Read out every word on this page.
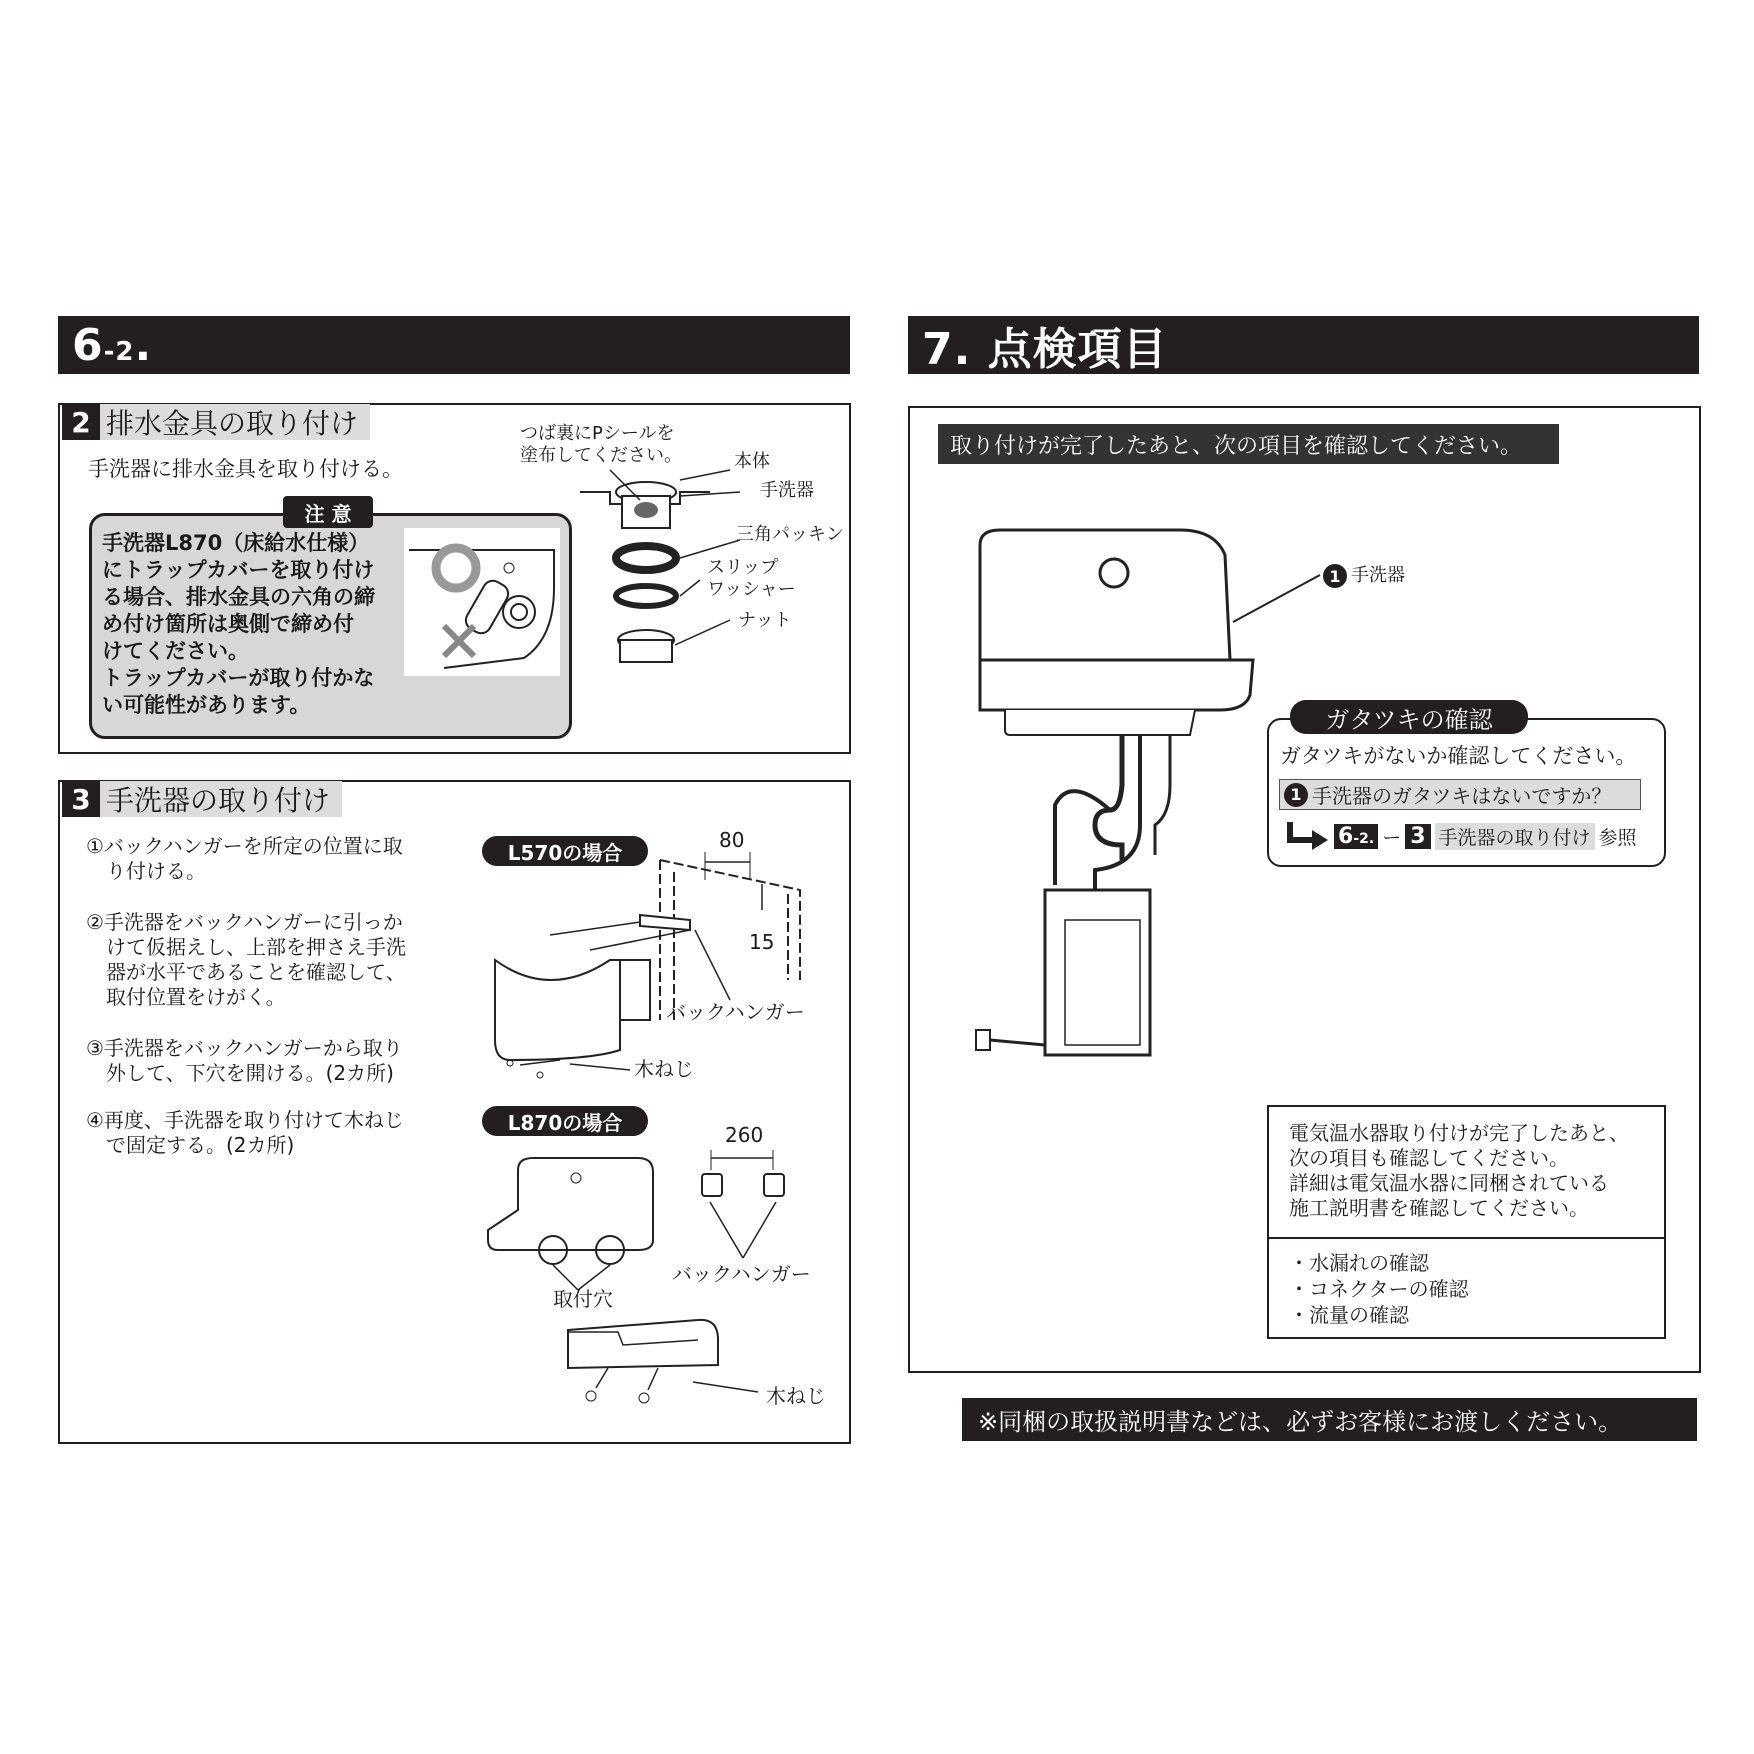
6-2.
2 排水金具の取り付け
手洗器に排水金具を取り付ける。
手洗器L870（床給水仕様）
にトラップカバーを取り付け
る場合、排水金具の六角の締
め付け箇所は奥側で締め付
けてください。
トラップカバーが取り付かな
い可能性があります。
注 意
つば裏にPシールを
塗布してください。	本体
手洗器
三角パッキン
スリップ
ワッシャー
ナット
3 手洗器の取り付け
①バックハンガーを所定の位置に取
　り付ける。
②手洗器をバックハンガーに引っか
　けて仮据えし、上部を押さえ手洗
　器が水平であることを確認して、
　取付位置をけがく。
③手洗器をバックハンガーから取り
　外して、下穴を開ける。(2カ所)
④再度、手洗器を取り付けて木ねじ
　で固定する。(2カ所)
L570の場合
80
15
バックハンガー
木ねじ
L870の場合
260
バックハンガー
取付穴
木ねじ
7. 点検項目
取り付けが完了したあと、次の項目を確認してください。
1 手洗器
ガタツキの確認
ガタツキがないか確認してください。
1 手洗器のガタツキはないですか？
6-2. ー 3 手洗器の取り付け 参照
電気温水器取り付けが完了したあと、
次の項目も確認してください。
詳細は電気温水器に同梱されている
施工説明書を確認してください。
・水漏れの確認
・コネクターの確認
・流量の確認
※同梱の取扱説明書などは、必ずお客様にお渡しください。
